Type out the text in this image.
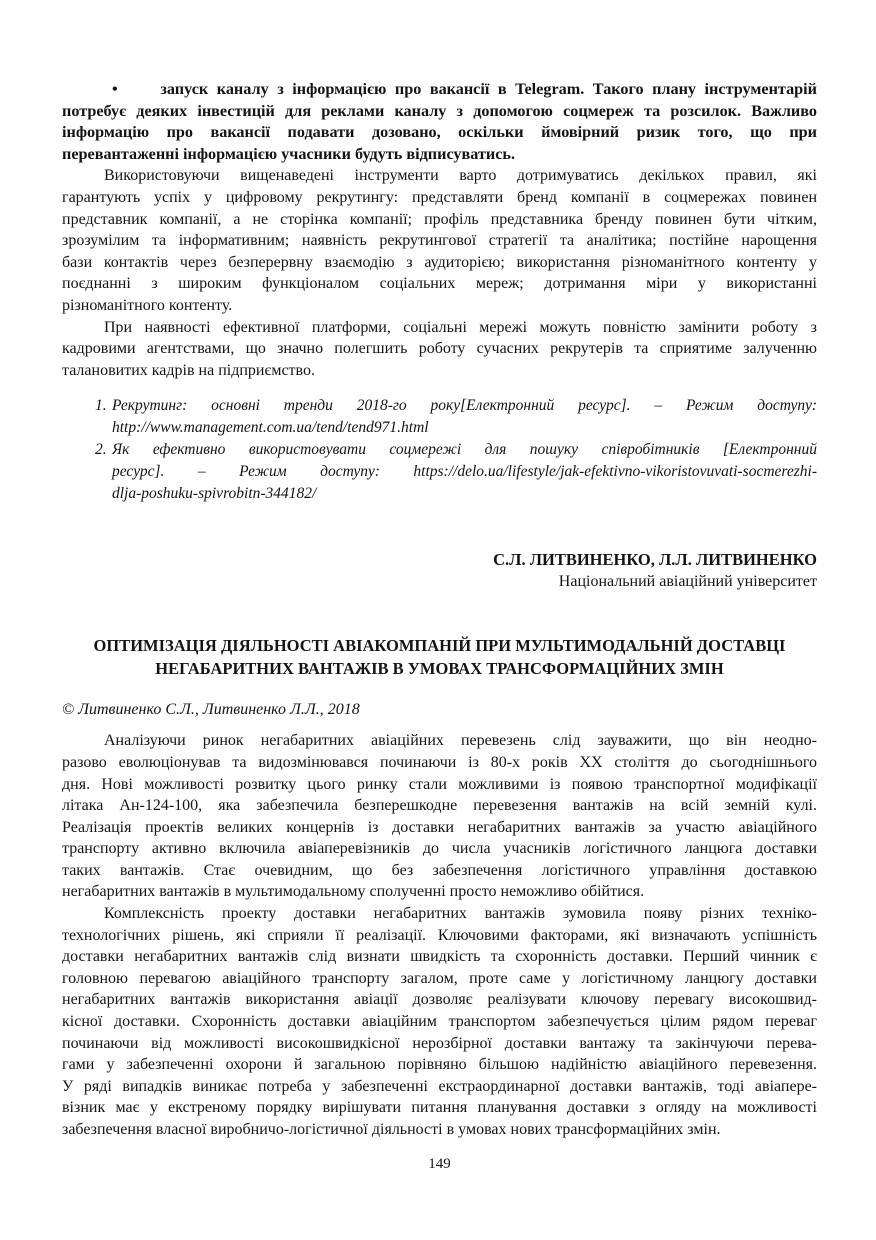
•     запуск каналу з інформацією про вакансії в Telegram. Такого плану інструментарій
потребує деяких інвестицій для реклами каналу з допомогою соцмереж та розсилок. Важливо
інформацію про вакансії подавати дозовано, оскільки ймовірний ризик того, що при
перевантаженні інформацією учасники будуть відписуватись.
Використовуючи вищенаведені інструменти варто дотримуватись декількох правил, які
гарантують успіх у цифровому рекрутингу: представляти бренд компанії в соцмережах повинен
представник компанії, а не сторінка компанії; профіль представника бренду повинен бути чітким,
зрозумілим та інформативним; наявність рекрутингової стратегії та аналітика; постійне нарощення
бази контактів через безперервну взаємодію з аудиторією; використання різноманітного контенту у
поєднанні з широким функціоналом соціальних мереж; дотримання міри у використанні
різноманітного контенту.
При наявності ефективної платформи, соціальні мережі можуть повністю замінити роботу з
кадровими агентствами, що значно полегшить роботу сучасних рекрутерів та сприятиме залученню
талановитих кадрів на підприємство.
1. Рекрутинг: основні тренди 2018-го року[Електронний ресурс]. – Режим доступу:
http://www.management.com.ua/tend/tend971.html
2. Як ефективно використовувати соцмережі для пошуку співробітників [Електронний
ресурс]. – Режим доступу: https://delo.ua/lifestyle/jak-efektivno-vikoristovuvati-socmerezhi-
dlja-poshuku-spivrobitn-344182/
С.Л. ЛИТВИНЕНКО, Л.Л. ЛИТВИНЕНКО
Національний авіаційний університет
ОПТИМІЗАЦІЯ ДІЯЛЬНОСТІ АВІАКОМПАНІЙ ПРИ МУЛЬТИМОДАЛЬНІЙ ДОСТАВЦІ
НЕГАБАРИТНИХ ВАНТАЖІВ В УМОВАХ ТРАНСФОРМАЦІЙНИХ ЗМІН
© Литвиненко С.Л., Литвиненко Л.Л., 2018
Аналізуючи ринок негабаритних авіаційних перевезень слід зауважити, що він неодно-
разово еволюціонував та видозмінювався починаючи із 80-х років ХХ століття до сьогоднішнього
дня. Нові можливості розвитку цього ринку стали можливими із появою транспортної модифікації
літака Ан-124-100, яка забезпечила безперешкодне перевезення вантажів на всій земній кулі.
Реалізація проектів великих концернів із доставки негабаритних вантажів за участю авіаційного
транспорту активно включила авіаперевізників до числа учасників логістичного ланцюга доставки
таких вантажів. Стає очевидним, що без забезпечення логістичного управління доставкою
негабаритних вантажів в мультимодальному сполученні просто неможливо обійтися.
Комплексність проекту доставки негабаритних вантажів зумовила появу різних техніко-
технологічних рішень, які сприяли її реалізації. Ключовими факторами, які визначають успішність
доставки негабаритних вантажів слід визнати швидкість та схоронність доставки. Перший чинник є
головною перевагою авіаційного транспорту загалом, проте саме у логістичному ланцюгу доставки
негабаритних вантажів використання авіації дозволяє реалізувати ключову перевагу високошвид-
кісної доставки. Схоронність доставки авіаційним транспортом забезпечується цілим рядом переваг
починаючи від можливості високошвидкісної нерозбірної доставки вантажу та закінчуючи перева-
гами у забезпеченні охорони й загальною порівняно більшою надійністю авіаційного перевезення.
У ряді випадків виникає потреба у забезпеченні екстраординарної доставки вантажів, тоді авіапере-
візник має у екстреному порядку вирішувати питання планування доставки з огляду на можливості
забезпечення власної виробничо-логістичної діяльності в умовах нових трансформаційних змін.
149
